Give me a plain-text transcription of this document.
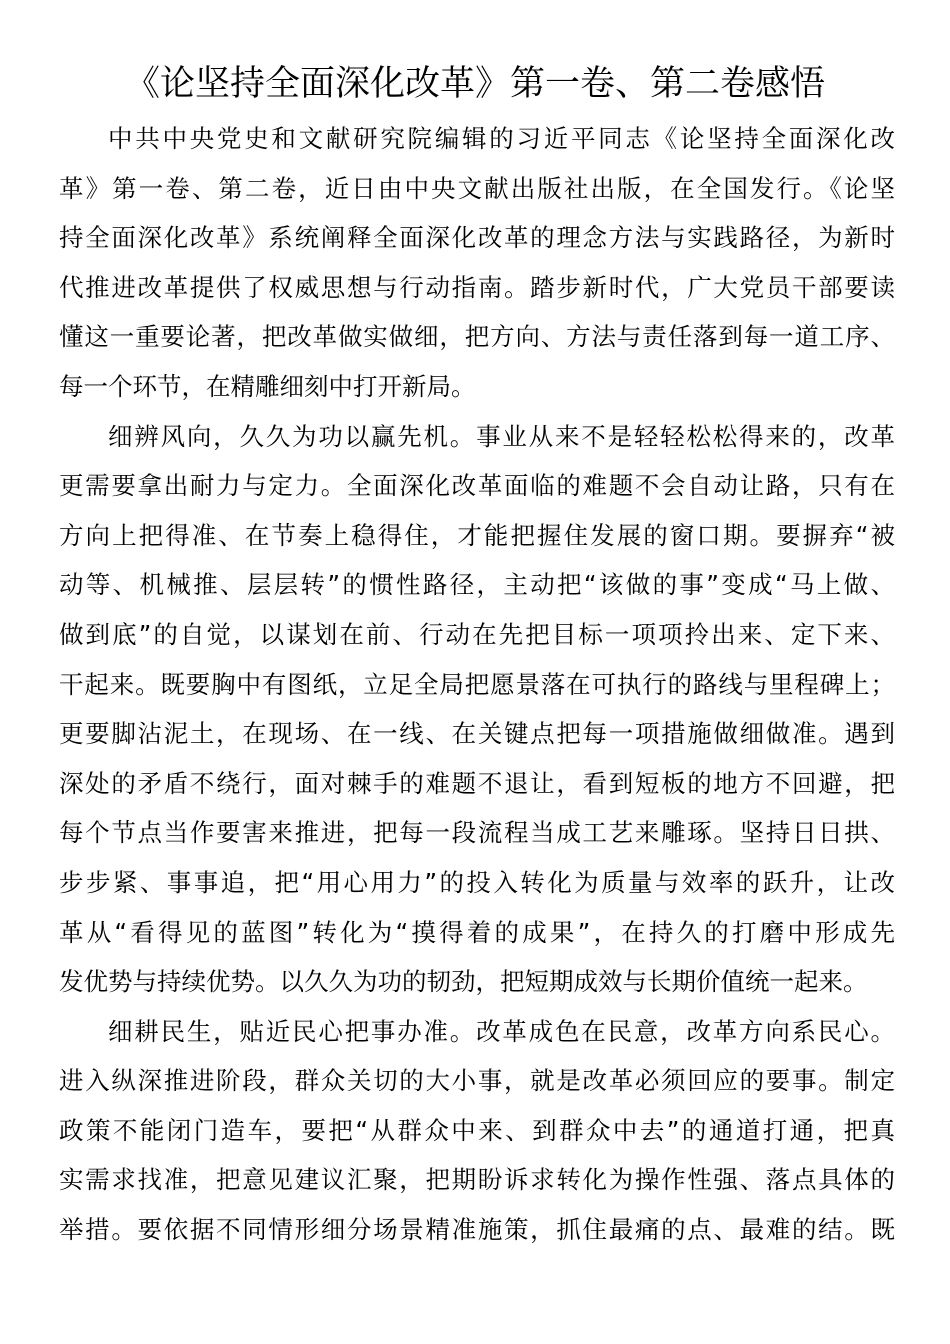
《论坚持全面深化改革》第一卷、第二卷感悟

中共中央党史和文献研究院编辑的习近平同志《论坚持全面深化改
革》第一卷、第二卷，近日由中央文献出版社出版，在全国发行。《论坚
持全面深化改革》系统阐释全面深化改革的理念方法与实践路径，为新时
代推进改革提供了权威思想与行动指南。踏步新时代，广大党员干部要读
懂这一重要论著，把改革做实做细，把方向、方法与责任落到每一道工序、
每一个环节，在精雕细刻中打开新局。

细辨风向，久久为功以赢先机。事业从来不是轻轻松松得来的，改革
更需要拿出耐力与定力。全面深化改革面临的难题不会自动让路，只有在
方向上把得准、在节奏上稳得住，才能把握住发展的窗口期。要摒弃“被
动等、机械推、层层转”的惯性路径，主动把“该做的事”变成“马上做、
做到底”的自觉，以谋划在前、行动在先把目标一项项拎出来、定下来、
干起来。既要胸中有图纸，立足全局把愿景落在可执行的路线与里程碑上；
更要脚沾泥土，在现场、在一线、在关键点把每一项措施做细做准。遇到
深处的矛盾不绕行，面对棘手的难题不退让，看到短板的地方不回避，把
每个节点当作要害来推进，把每一段流程当成工艺来雕琢。坚持日日拱、
步步紧、事事追，把“用心用力”的投入转化为质量与效率的跃升，让改
革从“看得见的蓝图”转化为“摸得着的成果”，在持久的打磨中形成先
发优势与持续优势。以久久为功的韧劲，把短期成效与长期价值统一起来。

细耕民生，贴近民心把事办准。改革成色在民意，改革方向系民心。
进入纵深推进阶段，群众关切的大小事，就是改革必须回应的要事。制定
政策不能闭门造车，要把“从群众中来、到群众中去”的通道打通，把真
实需求找准，把意见建议汇聚，把期盼诉求转化为操作性强、落点具体的
举措。要依据不同情形细分场景精准施策，抓住最痛的点、最难的结。既
